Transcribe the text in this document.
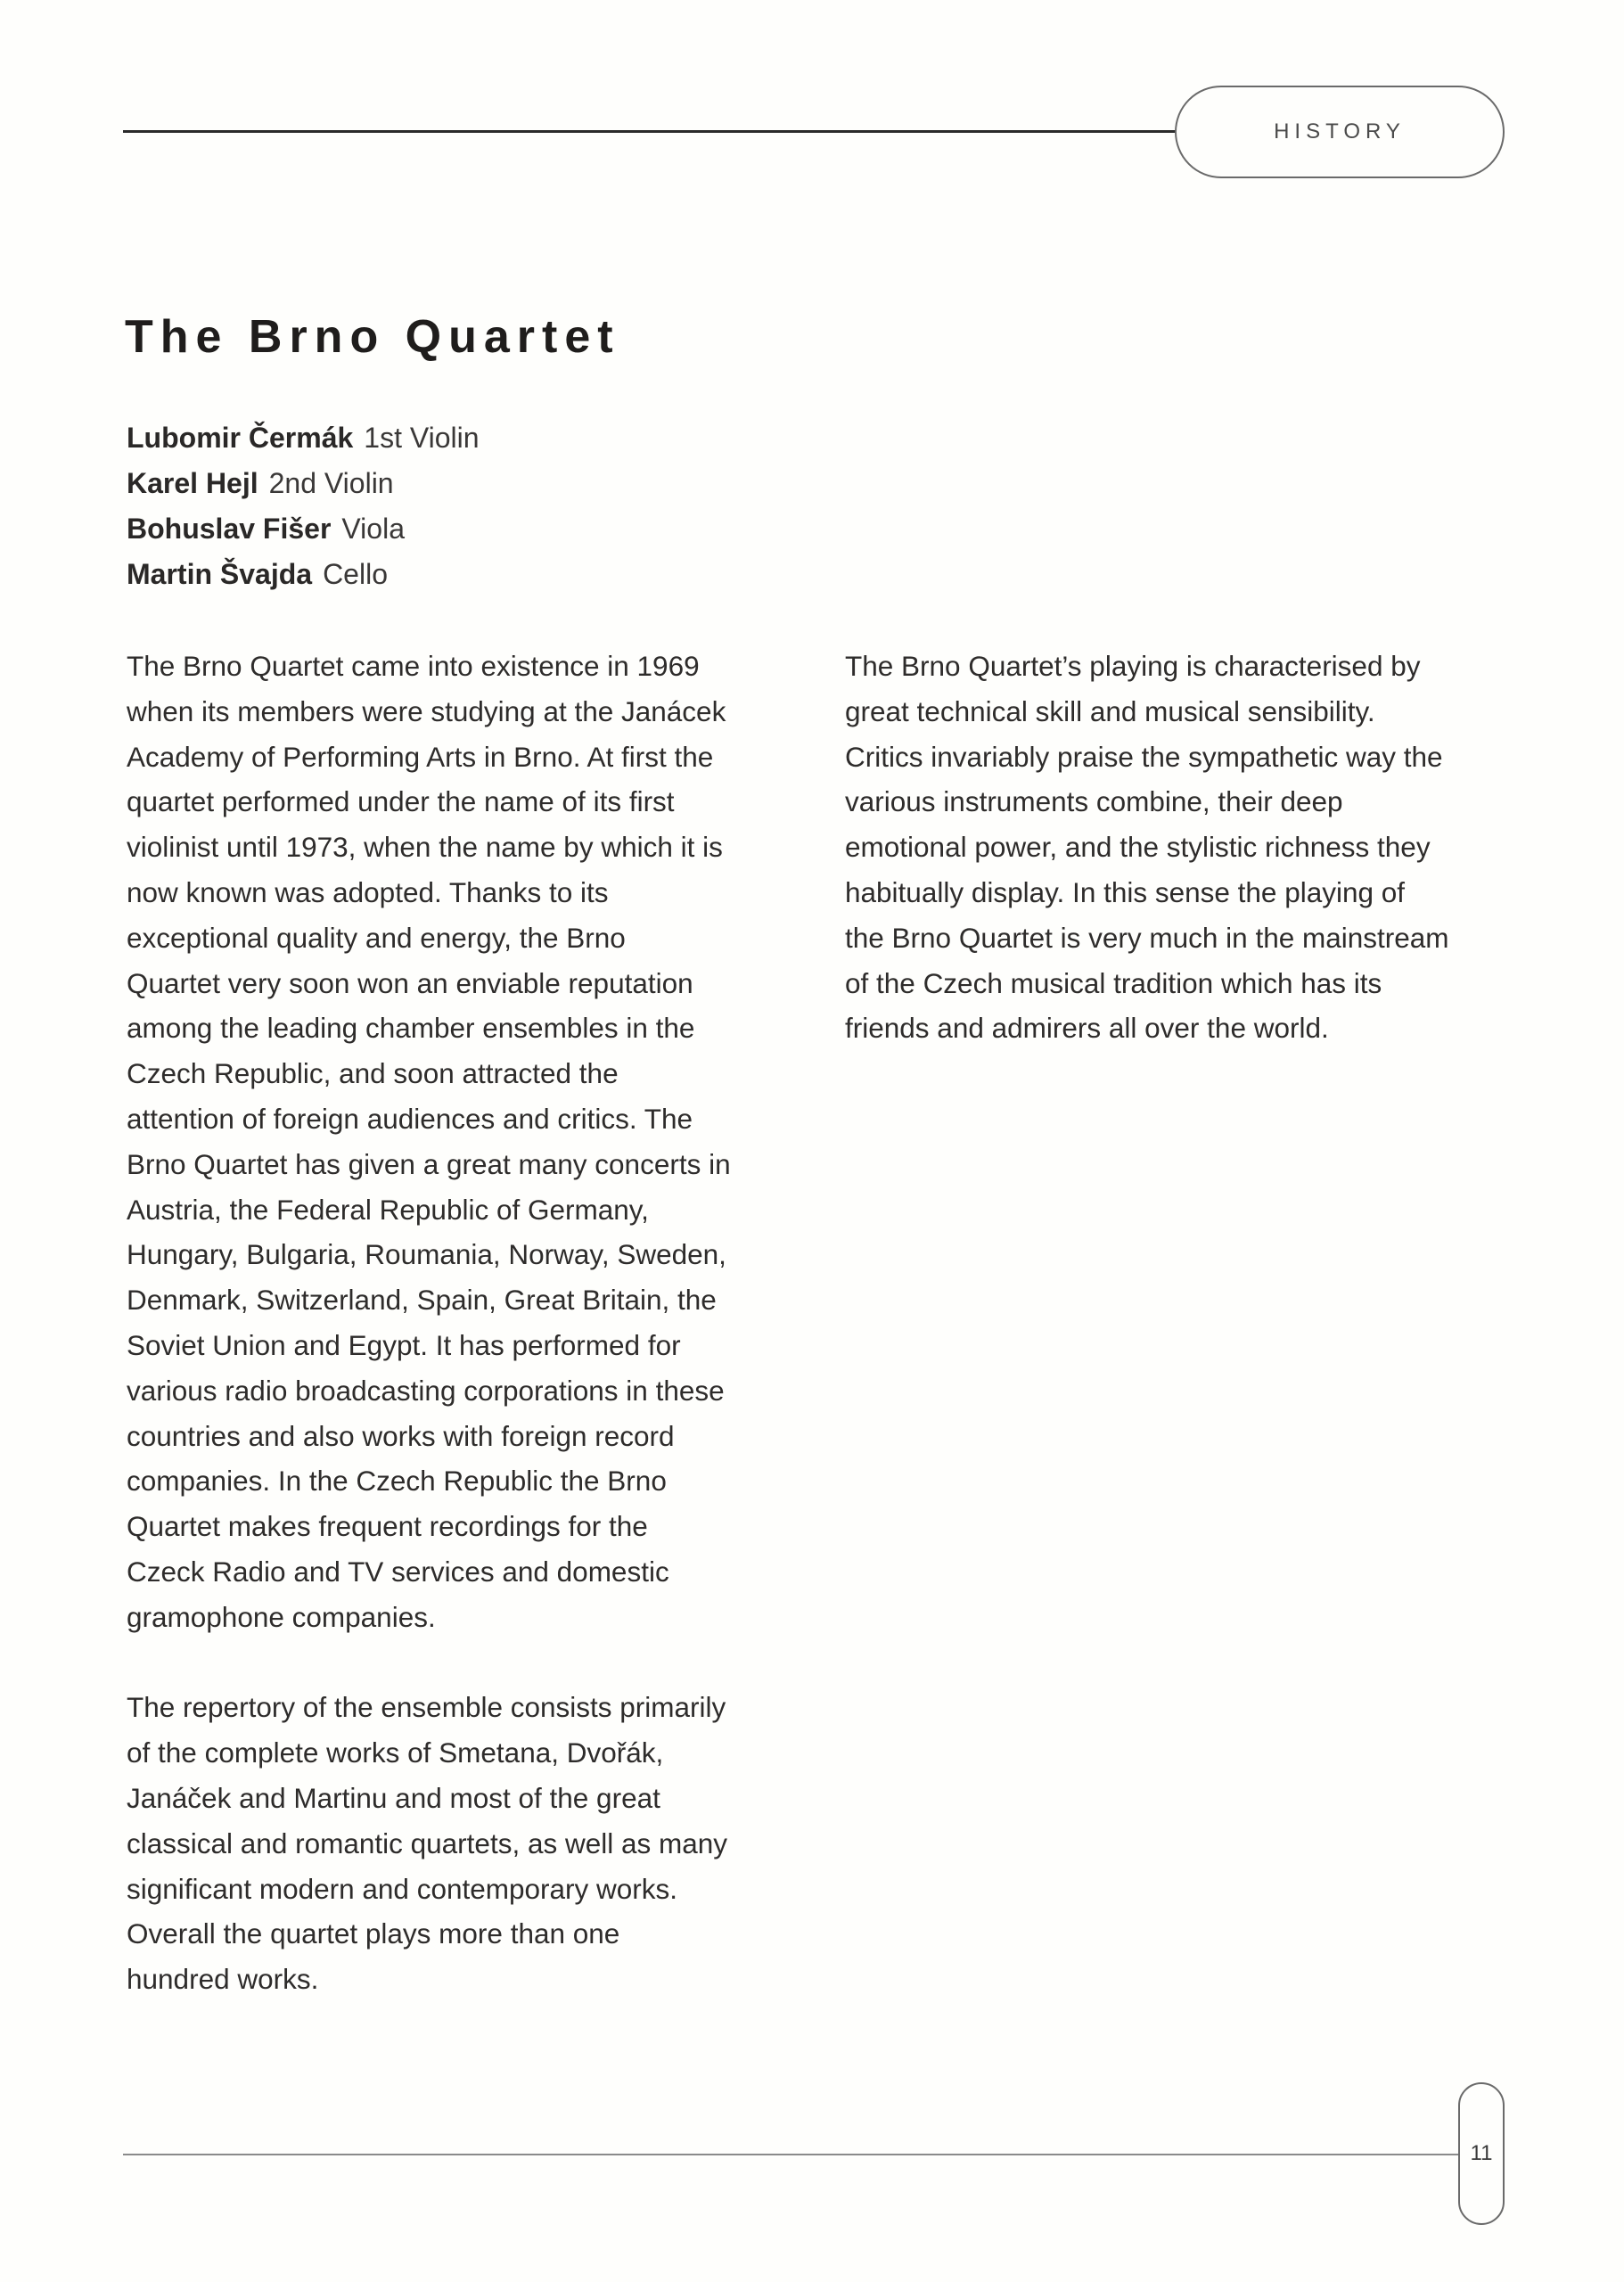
HISTORY
The Brno Quartet
Lubomir Čermák 1st Violin
Karel Hejl 2nd Violin
Bohuslav Fišer Viola
Martin Švajda Cello

The Brno Quartet came into existence in 1969
when its members were studying at the Janácek
Academy of Performing Arts in Brno. At first the
quartet performed under the name of its first
violinist until 1973, when the name by which it is
now known was adopted. Thanks to its
exceptional quality and energy, the Brno
Quartet very soon won an enviable reputation
among the leading chamber ensembles in the
Czech Republic, and soon attracted the
attention of foreign audiences and critics. The
Brno Quartet has given a great many concerts in
Austria, the Federal Republic of Germany,
Hungary, Bulgaria, Roumania, Norway, Sweden,
Denmark, Switzerland, Spain, Great Britain, the
Soviet Union and Egypt. It has performed for
various radio broadcasting corporations in these
countries and also works with foreign record
companies. In the Czech Republic the Brno
Quartet makes frequent recordings for the
Czeck Radio and TV services and domestic
gramophone companies.

The repertory of the ensemble consists primarily
of the complete works of Smetana, Dvořák,
Janáček and Martinu and most of the great
classical and romantic quartets, as well as many
significant modern and contemporary works.
Overall the quartet plays more than one
hundred works.

The Brno Quartet’s playing is characterised by
great technical skill and musical sensibility.
Critics invariably praise the sympathetic way the
various instruments combine, their deep
emotional power, and the stylistic richness they
habitually display. In this sense the playing of
the Brno Quartet is very much in the mainstream
of the Czech musical tradition which has its
friends and admirers all over the world.

11
